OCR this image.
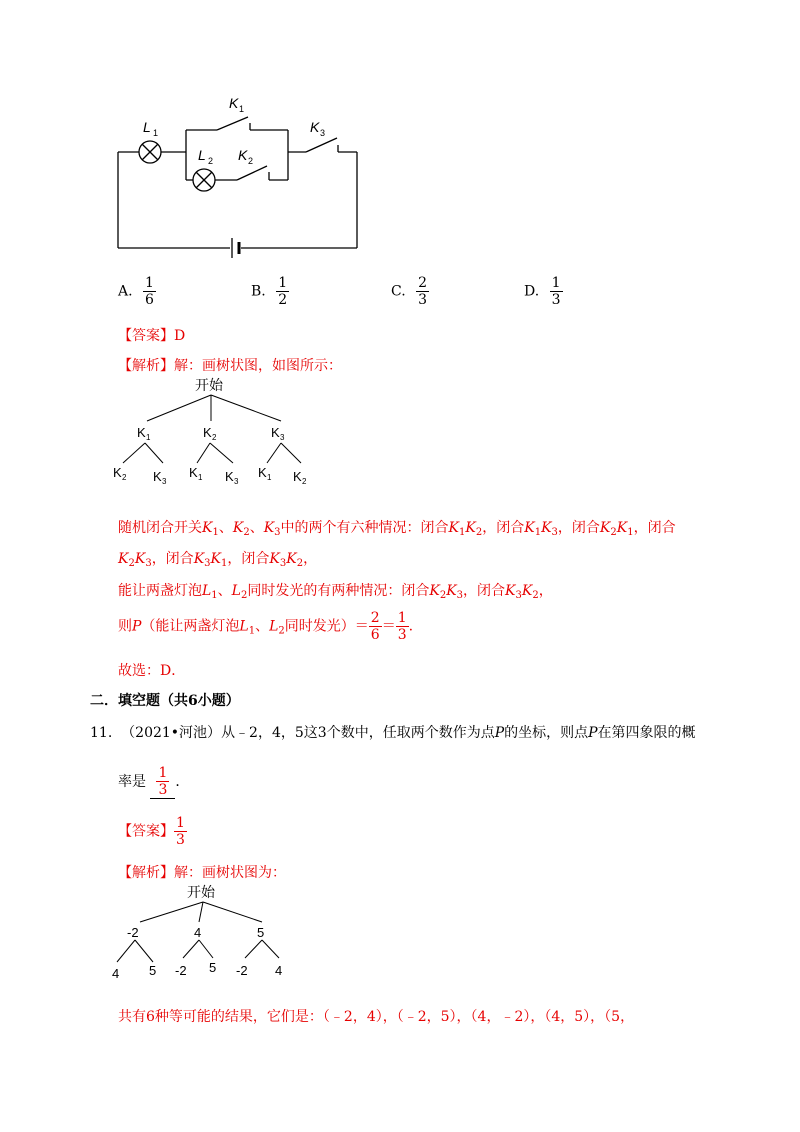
L 1
K 1
L 2 K 2
K 3
A. $\frac{1}{6}$	B. $\frac{1}{2}$	C. $\frac{2}{3}$	D. $\frac{1}{3}$
【答案】D
【解析】解：画树状图，如图所示：
开始
K 1	K 2	K 3
K 2 K 3
K 1 K 3
K 1 K 2
随机闭合开关$K_1$、$K_2$、$K_3$中的两个有六种情况：闭合$K_1K_2$，闭合$K_1K_3$，闭合$K_2K_1$，闭合
$K_2K_3$，闭合$K_3K_1$，闭合$K_3K_2$，
能让两盏灯泡$L_1$、$L_2$同时发光的有两种情况：闭合$K_2K_3$，闭合$K_3K_2$，
则P（能让两盏灯泡$L_1$、$L_2$同时发光）＝ $\frac{2}{6} = \frac{1}{3}$ .
故选：D．
二．填空题（共6小题）
11. （2021•河池）从﹣2，4，5这3个数中，任取两个数作为点P的坐标，则点P在第四象限的概
率是 $\frac{1}{3}$ ．
【答案】 $\frac{1}{3}$
【解析】解：画树状图为：
开始
-2	4	5
4 5 -2 5 -2 4
共有6种等可能的结果，它们是：（﹣2，4），（﹣2，5），（4，﹣2），（4，5），（5，
